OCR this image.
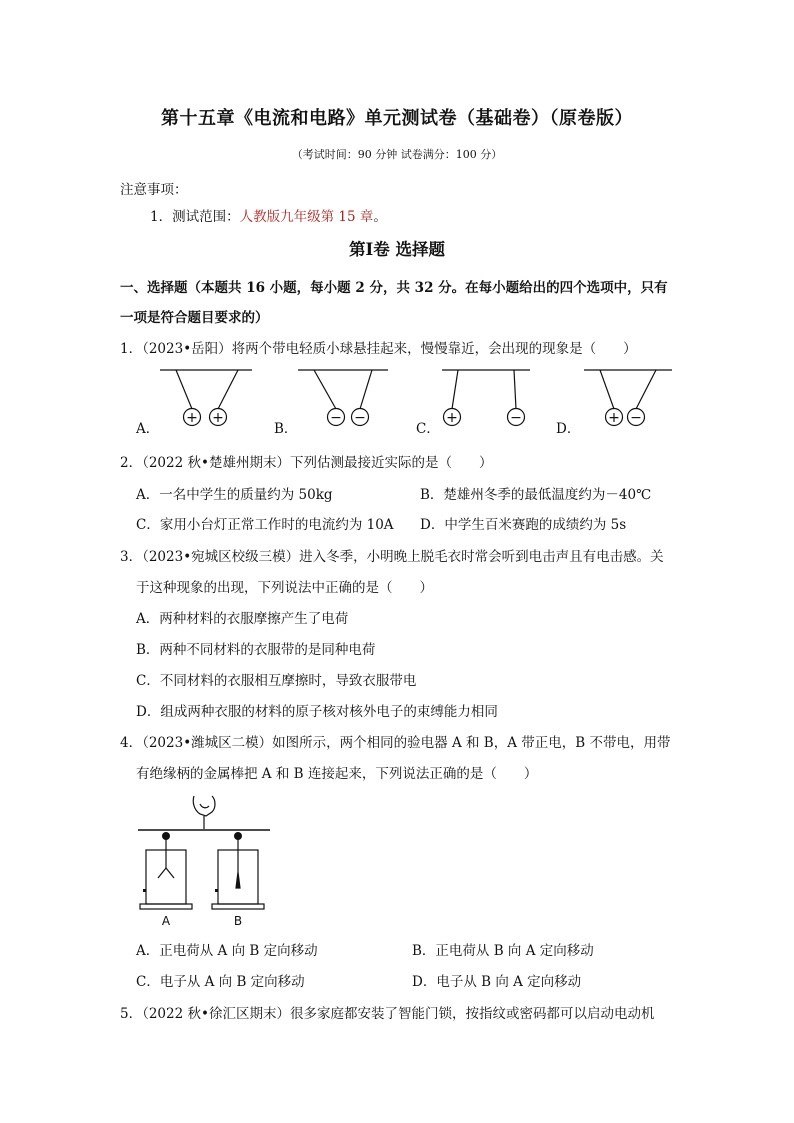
第十五章《电流和电路》单元测试卷（基础卷）（原卷版）
（考试时间：90 分钟 试卷满分：100 分）
注意事项：
1．测试范围：人教版九年级第 15 章。
第Ⅰ卷 选择题
一、选择题（本题共 16 小题，每小题 2 分，共 32 分。在每小题给出的四个选项中，只有一项是符合题目要求的）
1．（2023•岳阳）将两个带电轻质小球悬挂起来，慢慢靠近，会出现的现象是（　　）
+ +	− −	+	−	+ −
A．	B．	C．	D．
2．（2022 秋•楚雄州期末）下列估测最接近实际的是（　　）
A．一名中学生的质量约为 50kg	B．楚雄州冬季的最低温度约为－40℃
C．家用小台灯正常工作时的电流约为 10A D．中学生百米赛跑的成绩约为 5s
3．（2023•宛城区校级三模）进入冬季，小明晚上脱毛衣时常会听到电击声且有电击感。关
于这种现象的出现，下列说法中正确的是（　　）
A．两种材料的衣服摩擦产生了电荷
B．两种不同材料的衣服带的是同种电荷
C．不同材料的衣服相互摩擦时，导致衣服带电
D．组成两种衣服的材料的原子核对核外电子的束缚能力相同
4．（2023•潍城区二模）如图所示，两个相同的验电器 A 和 B，A 带正电，B 不带电，用带
有绝缘柄的金属棒把 A 和 B 连接起来，下列说法正确的是（　　）
A	B
A．正电荷从 A 向 B 定向移动	B．正电荷从 B 向 A 定向移动
C．电子从 A 向 B 定向移动	D．电子从 B 向 A 定向移动
5．（2022 秋•徐汇区期末）很多家庭都安装了智能门锁，按指纹或密码都可以启动电动机
